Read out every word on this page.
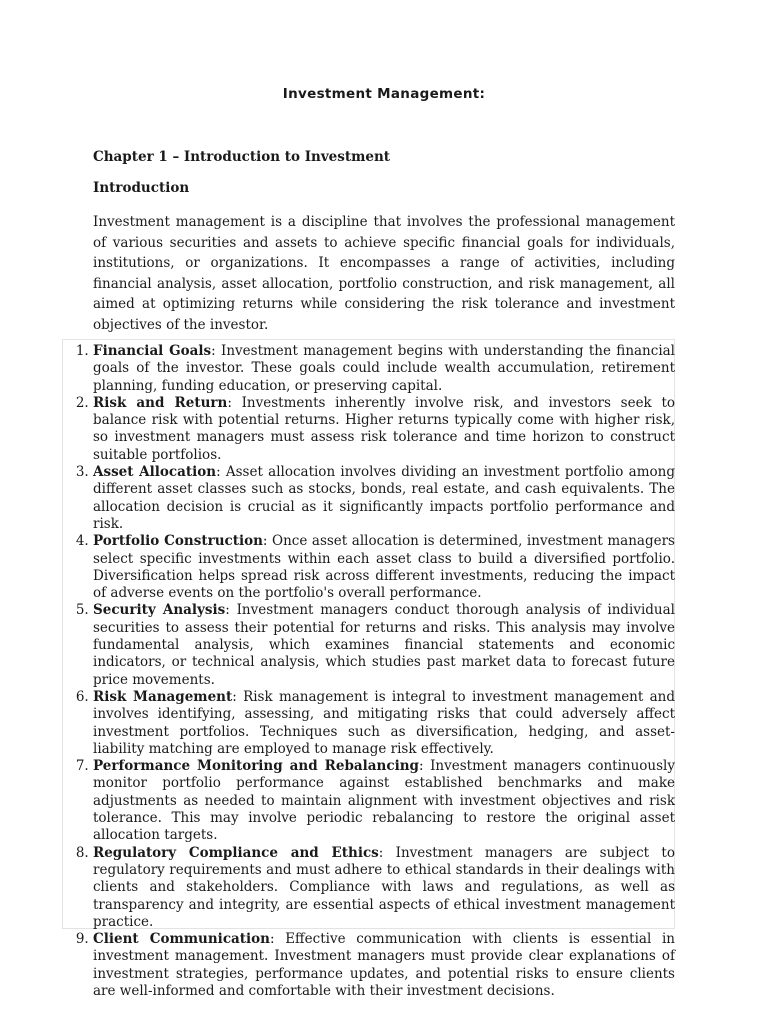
Investment Management:
Chapter 1 – Introduction to Investment
Introduction

Investment management is a discipline that involves the professional management of various securities and assets to achieve specific financial goals for individuals, institutions, or organizations. It encompasses a range of activities, including financial analysis, asset allocation, portfolio construction, and risk management, all aimed at optimizing returns while considering the risk tolerance and investment objectives of the investor.

1. Financial Goals: Investment management begins with understanding the financial goals of the investor. These goals could include wealth accumulation, retirement planning, funding education, or preserving capital.
2. Risk and Return: Investments inherently involve risk, and investors seek to balance risk with potential returns. Higher returns typically come with higher risk, so investment managers must assess risk tolerance and time horizon to construct suitable portfolios.
3. Asset Allocation: Asset allocation involves dividing an investment portfolio among different asset classes such as stocks, bonds, real estate, and cash equivalents. The allocation decision is crucial as it significantly impacts portfolio performance and risk.
4. Portfolio Construction: Once asset allocation is determined, investment managers select specific investments within each asset class to build a diversified portfolio. Diversification helps spread risk across different investments, reducing the impact of adverse events on the portfolio's overall performance.
5. Security Analysis: Investment managers conduct thorough analysis of individual securities to assess their potential for returns and risks. This analysis may involve fundamental analysis, which examines financial statements and economic indicators, or technical analysis, which studies past market data to forecast future price movements.
6. Risk Management: Risk management is integral to investment management and involves identifying, assessing, and mitigating risks that could adversely affect investment portfolios. Techniques such as diversification, hedging, and asset-liability matching are employed to manage risk effectively.
7. Performance Monitoring and Rebalancing: Investment managers continuously monitor portfolio performance against established benchmarks and make adjustments as needed to maintain alignment with investment objectives and risk tolerance. This may involve periodic rebalancing to restore the original asset allocation targets.
8. Regulatory Compliance and Ethics: Investment managers are subject to regulatory requirements and must adhere to ethical standards in their dealings with clients and stakeholders. Compliance with laws and regulations, as well as transparency and integrity, are essential aspects of ethical investment management practice.
9. Client Communication: Effective communication with clients is essential in investment management. Investment managers must provide clear explanations of investment strategies, performance updates, and potential risks to ensure clients are well-informed and comfortable with their investment decisions.
